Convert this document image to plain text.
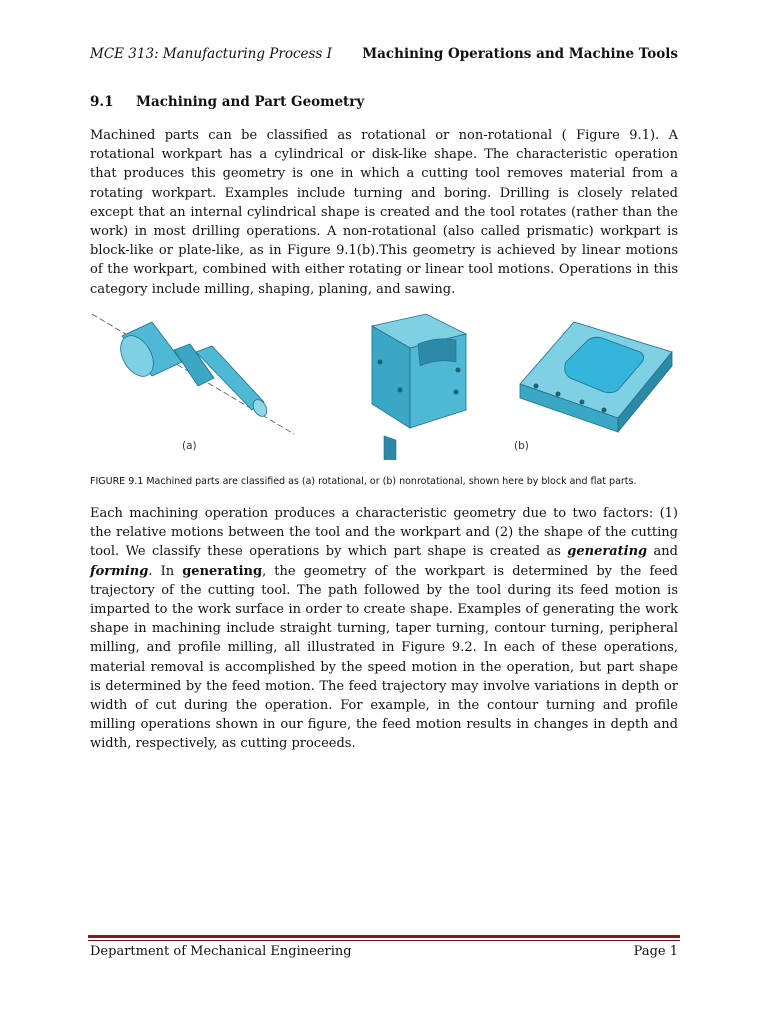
MCE 313: Manufacturing Process I Machining Operations and Machine Tools
9.1 Machining and Part Geometry
Machined parts can be classified as rotational or non-rotational ( Figure 9.1). A rotational workpart has a cylindrical or disk-like shape. The characteristic operation that produces this geometry is one in which a cutting tool removes material from a rotating workpart. Examples include turning and boring. Drilling is closely related except that an internal cylindrical shape is created and the tool rotates (rather than the work) in most drilling operations. A non-rotational (also called prismatic) workpart is block-like or plate-like, as in Figure 9.1(b).This geometry is achieved by linear motions of the workpart, combined with either rotating or linear tool motions. Operations in this category include milling, shaping, planing, and sawing.
(a)	(b)
FIGURE 9.1 Machined parts are classified as (a) rotational, or (b) nonrotational, shown here by block and flat parts.
Each machining operation produces a characteristic geometry due to two factors: (1) the relative motions between the tool and the workpart and (2) the shape of the cutting tool. We classify these operations by which part shape is created as generating and forming. In generating, the geometry of the workpart is determined by the feed trajectory of the cutting tool. The path followed by the tool during its feed motion is imparted to the work surface in order to create shape. Examples of generating the work shape in machining include straight turning, taper turning, contour turning, peripheral milling, and profile milling, all illustrated in Figure 9.2. In each of these operations, material removal is accomplished by the speed motion in the operation, but part shape is determined by the feed motion. The feed trajectory may involve variations in depth or width of cut during the operation. For example, in the contour turning and profile milling operations shown in our figure, the feed motion results in changes in depth and width, respectively, as cutting proceeds.
Department of Mechanical Engineering	Page 1
